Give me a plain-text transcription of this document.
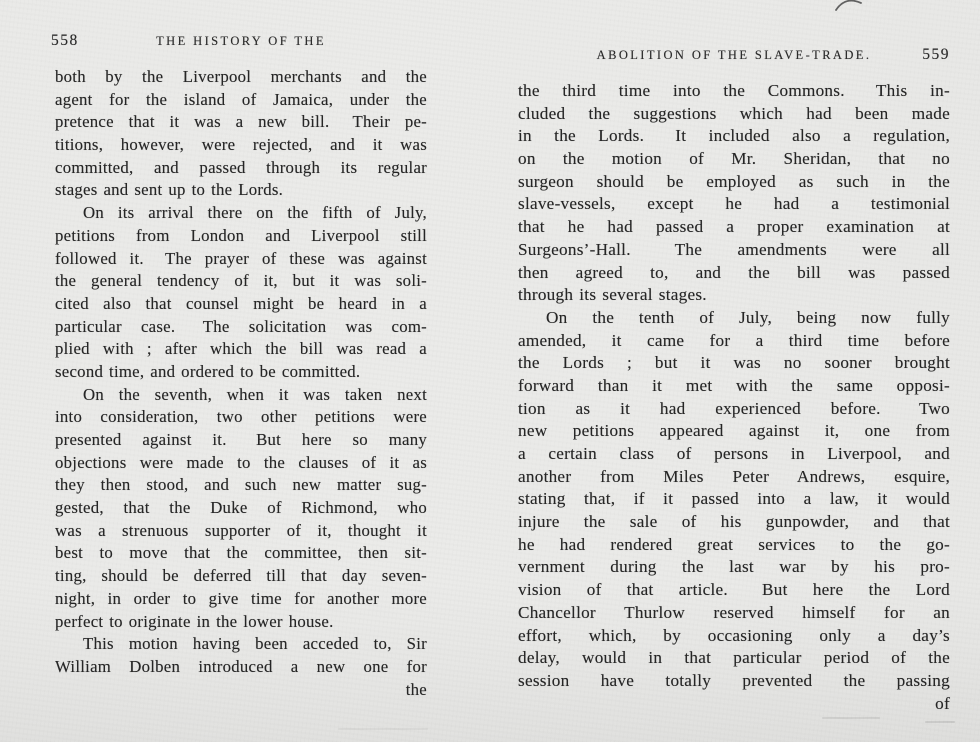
558	THE HISTORY OF THE
both by the Liverpool merchants and the
agent for the island of Jamaica, under the
pretence that it was a new bill.  Their pe-
titions, however, were rejected, and it was
committed, and passed through its regular
stages and sent up to the Lords.
On its arrival there on the fifth of July,
petitions from London and Liverpool still
followed it.  The prayer of these was against
the general tendency of it, but it was soli-
cited also that counsel might be heard in a
particular case.  The solicitation was com-
plied with ; after which the bill was read a
second time, and ordered to be committed.
On the seventh, when it was taken next
into consideration, two other petitions were
presented against it.  But here so many
objections were made to the clauses of it as
they then stood, and such new matter sug-
gested, that the Duke of Richmond, who
was a strenuous supporter of it, thought it
best to move that the committee, then sit-
ting, should be deferred till that day seven-
night, in order to give time for another more
perfect to originate in the lower house.
This motion having been acceded to, Sir
William Dolben introduced a new one for
the
ABOLITION OF THE SLAVE-TRADE.	559
the third time into the Commons.  This in-
cluded the suggestions which had been made
in the Lords.  It included also a regulation,
on the motion of Mr. Sheridan, that no
surgeon should be employed as such in the
slave-vessels, except he had a testimonial
that he had passed a proper examination at
Surgeons’-Hall.  The amendments were all
then agreed to, and the bill was passed
through its several stages.
On the tenth of July, being now fully
amended, it came for a third time before
the Lords ; but it was no sooner brought
forward than it met with the same opposi-
tion as it had experienced before.  Two
new petitions appeared against it, one from
a certain class of persons in Liverpool, and
another from Miles Peter Andrews, esquire,
stating that, if it passed into a law, it would
injure the sale of his gunpowder, and that
he had rendered great services to the go-
vernment during the last war by his pro-
vision of that article.  But here the Lord
Chancellor Thurlow reserved himself for an
effort, which, by occasioning only a day’s
delay, would in that particular period of the
session have totally prevented the passing
of
